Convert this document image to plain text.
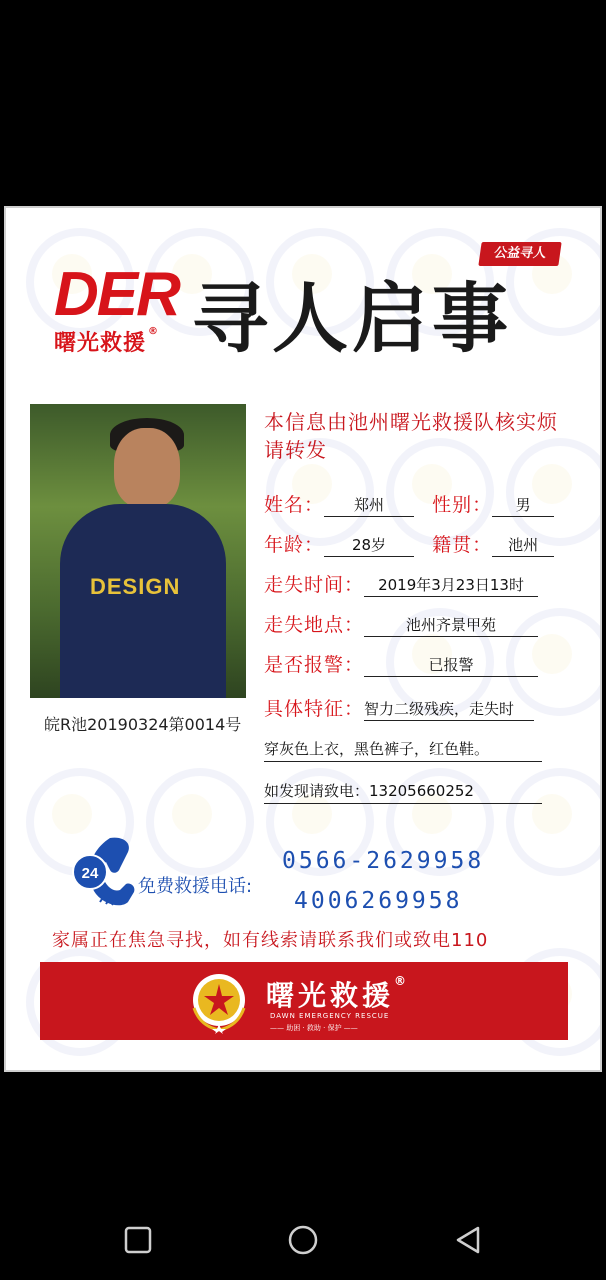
公益寻人
DER
曙光救援 ® 寻人启事
DESIGN
皖R池20190324第0014号
本信息由池州曙光救援队核实烦请转发
姓名： 郑州	性别： 男
年龄： 28岁 籍贯： 池州
走失时间： 2019年3月23日13时
走失地点：	池州齐景甲苑
是否报警：	已报警
具体特征：智力二级残疾，走失时
穿灰色上衣，黑色裤子，红色鞋。
如发现请致电：13205660252
24
免费救援电话:
0566-2629958
4006269958
家属正在焦急寻找，如有线索请联系我们或致电110
曙光救援®
DAWN EMERGENCY RESCUE
—— 助困 · 救助 · 保护 ——
